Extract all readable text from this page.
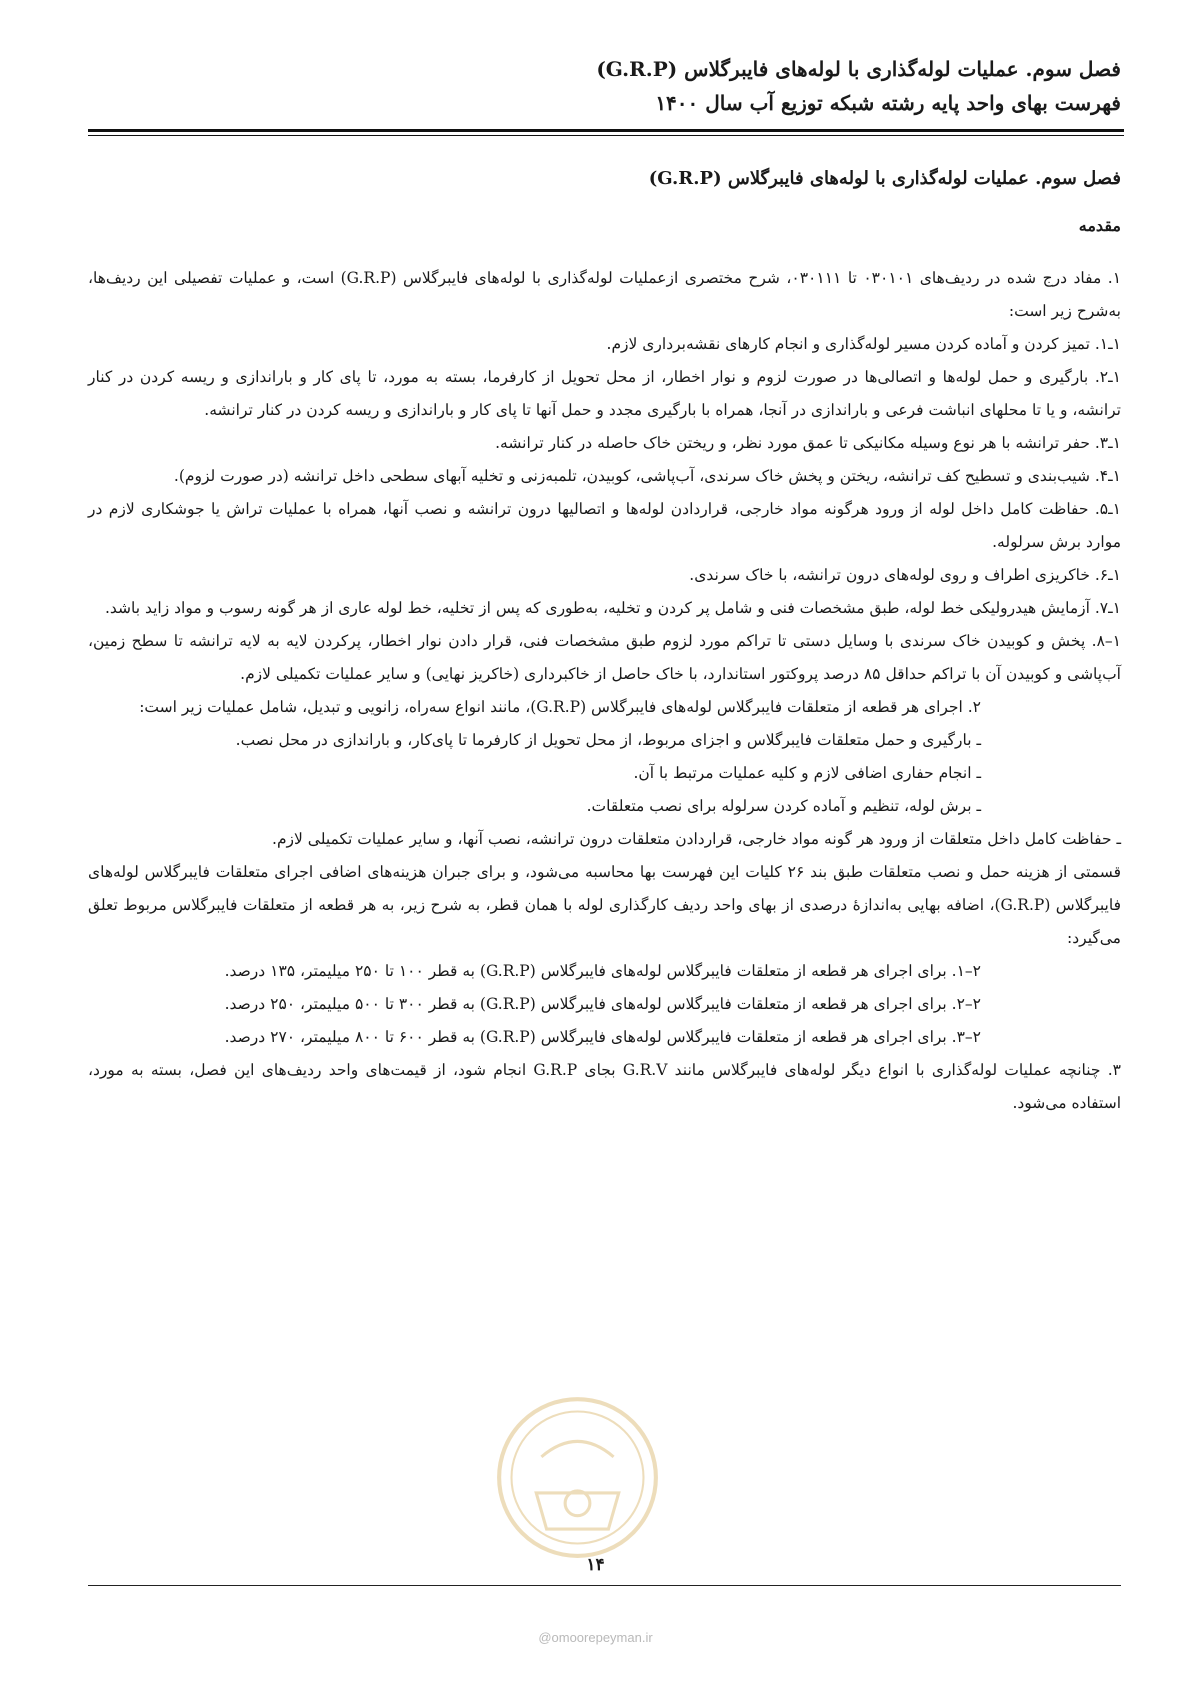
فصل سوم. عملیات لوله‌گذاری با لوله‌های فایبرگلاس (G.R.P)
فهرست بهای واحد پایه رشته شبکه توزیع آب سال ۱۴۰۰
فصل سوم. عملیات لوله‌گذاری با لوله‌های فایبرگلاس (G.R.P)
مقدمه

۱. مفاد درج شده در ردیف‌های ۰۳۰۱۰۱ تا ۰۳۰۱۱۱، شرح مختصری ازعملیات لوله‌گذاری با لوله‌های فایبرگلاس (G.R.P) است، و عملیات تفصیلی این ردیف‌ها، به‌شرح زیر است:

۱ـ۱. تمیز کردن و آماده کردن مسیر لوله‌گذاری و انجام کارهای نقشه‌برداری لازم.

۱ـ۲. بارگیری و حمل لوله‌ها و اتصالی‌ها در صورت لزوم و نوار اخطار، از محل تحویل از کارفرما، بسته به مورد، تا پای کار و باراندازی و ریسه کردن در کنار ترانشه، و یا تا محلهای انباشت فرعی و باراندازی در آنجا، همراه با بارگیری مجدد و حمل آنها تا پای کار و باراندازی و ریسه کردن در کنار ترانشه.

۱ـ۳. حفر ترانشه با هر نوع وسیله مکانیکی تا عمق مورد نظر، و ریختن خاک حاصله در کنار ترانشه.

۱ـ۴. شیب‌بندی و تسطیح کف ترانشه، ریختن و پخش خاک سرندی، آب‌پاشی، کوبیدن، تلمبه‌زنی و تخلیه آبهای سطحی داخل ترانشه (در صورت لزوم).

۱ـ۵. حفاظت کامل داخل لوله از ورود هرگونه مواد خارجی، قراردادن لوله‌ها و اتصالیها درون ترانشه و نصب آنها، همراه با عملیات تراش یا جوشکاری لازم در موارد برش سرلوله.

۱ـ۶. خاکریزی اطراف و روی لوله‌های درون ترانشه، با خاک سرندی.

۱ـ۷. آزمایش هیدرولیکی خط لوله، طبق مشخصات فنی و شامل پر کردن و تخلیه، به‌طوری که پس از تخلیه، خط لوله عاری از هر گونه رسوب و مواد زاید باشد.

۱–۸. پخش و کوبیدن خاک سرندی با وسایل دستی تا تراکم مورد لزوم طبق مشخصات فنی، قرار دادن نوار اخطار، پرکردن لایه به لایه ترانشه تا سطح زمین، آب‌پاشی و کوبیدن آن با تراکم حداقل ۸۵ درصد پروکتور استاندارد، با خاک حاصل از خاکبرداری (خاکریز نهایی) و سایر عملیات تکمیلی لازم.

۲. اجرای هر قطعه از متعلقات فایبرگلاس لوله‌های فایبرگلاس (G.R.P)، مانند انواع سه‌راه، زانویی و تبدیل، شامل عملیات زیر است:

ـ بارگیری و حمل متعلقات فایبرگلاس و اجزای مربوط، از محل تحویل از کارفرما تا پای‌کار، و باراندازی در محل نصب.

ـ انجام حفاری اضافی لازم و کلیه عملیات مرتبط با آن.

ـ برش لوله، تنظیم و آماده کردن سرلوله برای نصب متعلقات.

ـ حفاظت کامل داخل متعلقات از ورود هر گونه مواد خارجی، قراردادن متعلقات درون ترانشه، نصب آنها، و سایر عملیات تکمیلی لازم.

قسمتی از هزینه حمل و نصب متعلقات طبق بند ۲۶ کلیات این فهرست بها محاسبه می‌شود، و برای جبران هزینه‌های اضافی اجرای متعلقات فایبرگلاس لوله‌های فایبرگلاس (G.R.P)، اضافه بهایی به‌اندازهٔ درصدی از بهای واحد ردیف کارگذاری لوله با همان قطر، به شرح زیر، به هر قطعه از متعلقات فایبرگلاس مربوط تعلق می‌گیرد:

۲–۱. برای اجرای هر قطعه از متعلقات فایبرگلاس لوله‌های فایبرگلاس (G.R.P) به قطر ۱۰۰ تا ۲۵۰ میلیمتر، ۱۳۵ درصد.

۲–۲. برای اجرای هر قطعه از متعلقات فایبرگلاس لوله‌های فایبرگلاس (G.R.P) به قطر ۳۰۰ تا ۵۰۰ میلیمتر، ۲۵۰ درصد.

۲–۳. برای اجرای هر قطعه از متعلقات فایبرگلاس لوله‌های فایبرگلاس (G.R.P) به قطر ۶۰۰ تا ۸۰۰ میلیمتر، ۲۷۰ درصد.

۳. چنانچه عملیات لوله‌گذاری با انواع دیگر لوله‌های فایبرگلاس مانند G.R.V بجای G.R.P انجام شود، از قیمت‌های واحد ردیف‌های این فصل، بسته به مورد، استفاده می‌شود.

۱۴
@omoorepeyman.ir
